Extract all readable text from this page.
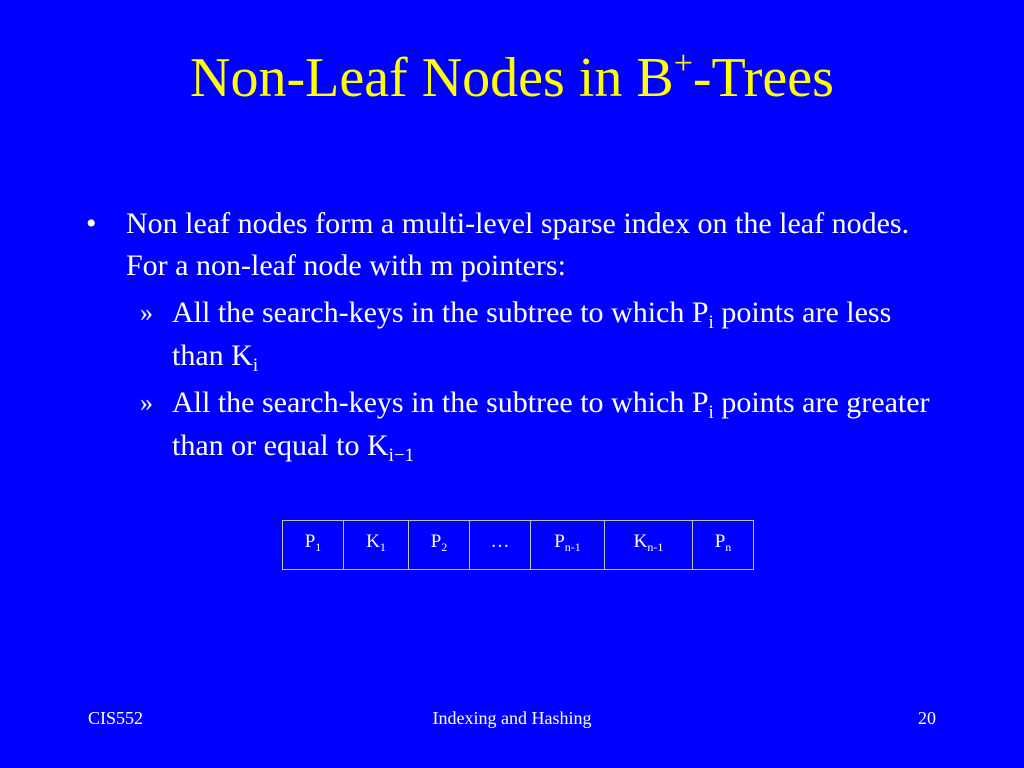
Non-Leaf Nodes in B+-Trees
• Non leaf nodes form a multi-level sparse index on the leaf nodes. For a non-leaf node with m pointers:
» All the search-keys in the subtree to which $P_i$ points are less than $K_i$
» All the search-keys in the subtree to which $P_i$ points are greater than or equal to $K_{i-1}$
$P_1$	$K_1$	$P_2$	…	$P_{n-1}$	$K_{n-1}$	$P_n$
CIS552	Indexing and Hashing	20
